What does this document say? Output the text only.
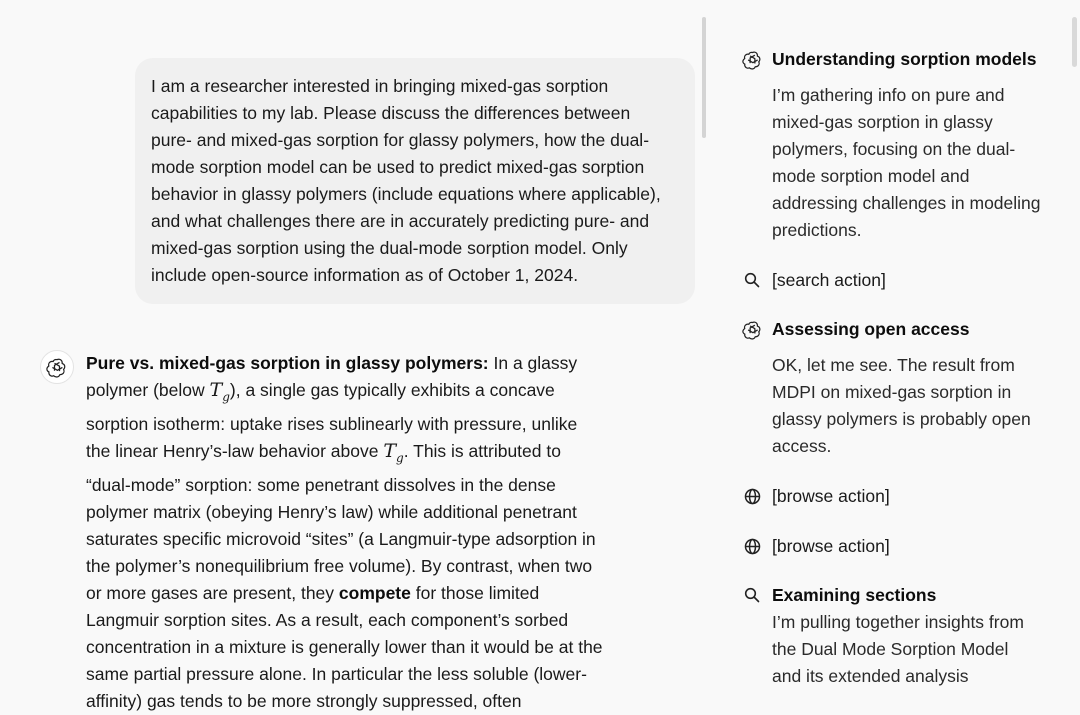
I am a researcher interested in bringing mixed-gas sorption capabilities to my lab. Please discuss the differences between pure- and mixed-gas sorption for glassy polymers, how the dual-mode sorption model can be used to predict mixed-gas sorption behavior in glassy polymers (include equations where applicable), and what challenges there are in accurately predicting pure- and mixed-gas sorption using the dual-mode sorption model. Only include open-source information as of October 1, 2024.

Pure vs. mixed-gas sorption in glassy polymers: In a glassy polymer (below $T_g$), a single gas typically exhibits a concave sorption isotherm: uptake rises sublinearly with pressure, unlike the linear Henry’s-law behavior above $T_g$. This is attributed to “dual-mode” sorption: some penetrant dissolves in the dense polymer matrix (obeying Henry’s law) while additional penetrant saturates specific microvoid “sites” (a Langmuir-type adsorption in the polymer’s nonequilibrium free volume). By contrast, when two or more gases are present, they compete for those limited Langmuir sorption sites. As a result, each component’s sorbed concentration in a mixture is generally lower than it would be at the same partial pressure alone. In particular the less soluble (lower-affinity) gas tends to be more strongly suppressed, often

Understanding sorption models
I’m gathering info on pure and mixed-gas sorption in glassy polymers, focusing on the dual-mode sorption model and addressing challenges in modeling predictions.
[search action]
Assessing open access
OK, let me see. The result from MDPI on mixed-gas sorption in glassy polymers is probably open access.
[browse action]
[browse action]
Examining sections
I’m pulling together insights from the Dual Mode Sorption Model and its extended analysis
